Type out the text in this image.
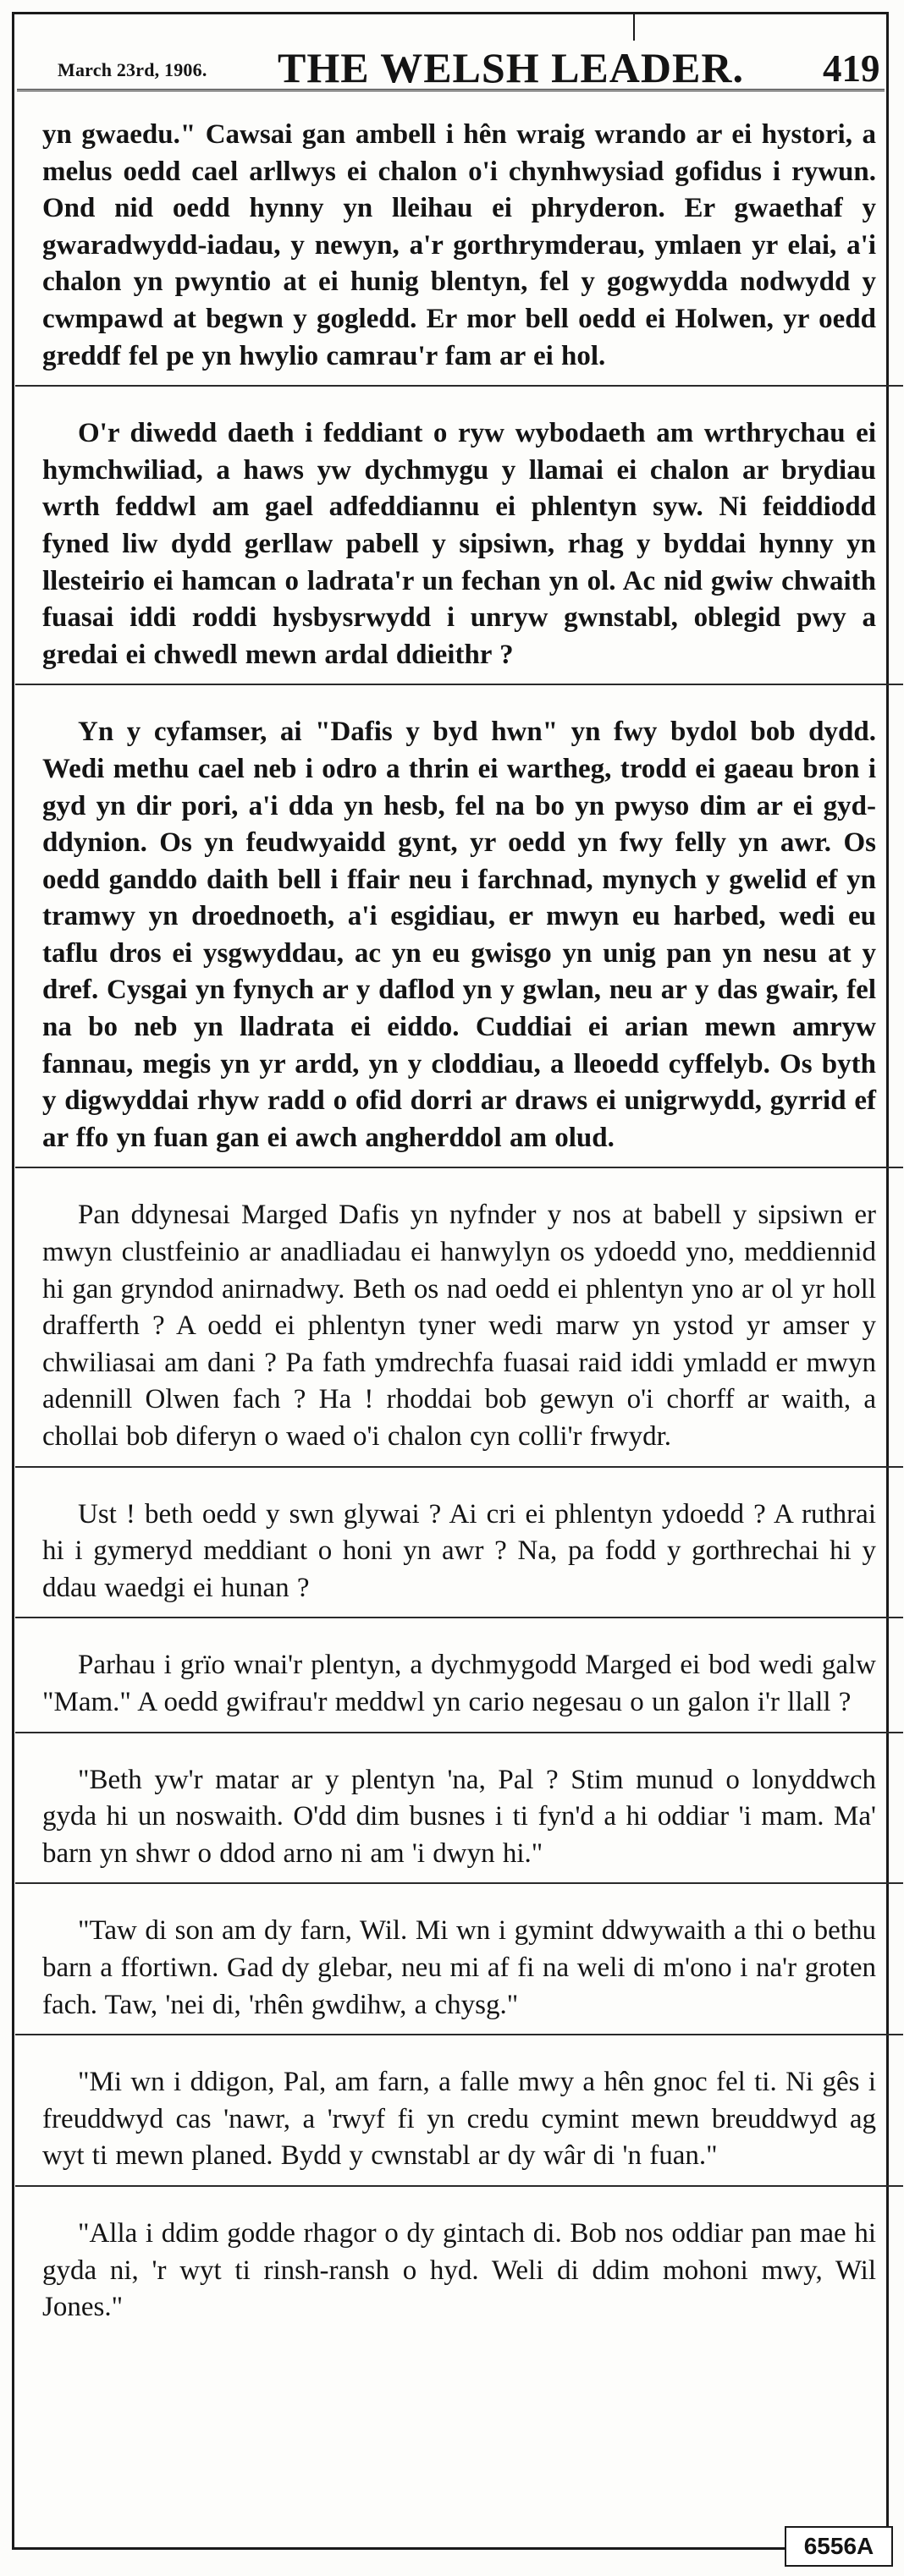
March 23rd, 1906. THE WELSH LEADER. 419

yn gwaedu." Cawsai gan ambell i hên wraig wrando ar ei hystori, a melus oedd cael arllwys ei chalon o'i chynhwysiad gofidus i rywun. Ond nid oedd hynny yn lleihau ei phryderon. Er gwaethaf y gwaradwydd-iadau, y newyn, a'r gorthrymderau, ymlaen yr elai, a'i chalon yn pwyntio at ei hunig blentyn, fel y gogwydda nodwydd y cwmpawd at begwn y gogledd. Er mor bell oedd ei Holwen, yr oedd greddf fel pe yn hwylio camrau'r fam ar ei hol.

O'r diwedd daeth i feddiant o ryw wybodaeth am wrthrychau ei hymchwiliad, a haws yw dychmygu y llamai ei chalon ar brydiau wrth feddwl am gael adfeddiannu ei phlentyn syw. Ni feiddiodd fyned liw dydd gerllaw pabell y sipsiwn, rhag y byddai hynny yn llesteirio ei hamcan o ladrata'r un fechan yn ol. Ac nid gwiw chwaith fuasai iddi roddi hysbysrwydd i unryw gwnstabl, oblegid pwy a gredai ei chwedl mewn ardal ddieithr ?

Yn y cyfamser, ai "Dafis y byd hwn" yn fwy bydol bob dydd. Wedi methu cael neb i odro a thrin ei wartheg, trodd ei gaeau bron i gyd yn dir pori, a'i dda yn hesb, fel na bo yn pwyso dim ar ei gyd-ddynion. Os yn feudwyaidd gynt, yr oedd yn fwy felly yn awr. Os oedd ganddo daith bell i ffair neu i farchnad, mynych y gwelid ef yn tramwy yn droednoeth, a'i esgidiau, er mwyn eu harbed, wedi eu taflu dros ei ysgwyddau, ac yn eu gwisgo yn unig pan yn nesu at y dref. Cysgai yn fynych ar y daflod yn y gwlan, neu ar y das gwair, fel na bo neb yn lladrata ei eiddo. Cuddiai ei arian mewn amryw fannau, megis yn yr ardd, yn y cloddiau, a lleoedd cyffelyb. Os byth y digwyddai rhyw radd o ofid dorri ar draws ei unigrwydd, gyrrid ef ar ffo yn fuan gan ei awch angherddol am olud.

Pan ddynesai Marged Dafis yn nyfnder y nos at babell y sipsiwn er mwyn clustfeinio ar anadliadau ei hanwylyn os ydoedd yno, meddiennid hi gan gryndod anirnadwy. Beth os nad oedd ei phlentyn yno ar ol yr holl drafferth ? A oedd ei phlentyn tyner wedi marw yn ystod yr amser y chwiliasai am dani ? Pa fath ymdrechfa fuasai raid iddi ymladd er mwyn adennill Olwen fach ? Ha ! rhoddai bob gewyn o'i chorff ar waith, a chollai bob diferyn o waed o'i chalon cyn colli'r frwydr.

Ust ! beth oedd y swn glywai ? Ai cri ei phlentyn ydoedd ? A ruthrai hi i gymeryd meddiant o honi yn awr ? Na, pa fodd y gorthrechai hi y ddau waedgi ei hunan ?

Parhau i grïo wnai'r plentyn, a dychmygodd Marged ei bod wedi galw "Mam." A oedd gwifrau'r meddwl yn cario negesau o un galon i'r llall ?

"Beth yw'r matar ar y plentyn 'na, Pal ? Stim munud o lonyddwch gyda hi un noswaith. O'dd dim busnes i ti fyn'd a hi oddiar 'i mam. Ma' barn yn shwr o ddod arno ni am 'i dwyn hi."

"Taw di son am dy farn, Wil. Mi wn i gymint ddwywaith a thi o bethu barn a ffortiwn. Gad dy glebar, neu mi af fi na weli di m'ono i na'r groten fach. Taw, 'nei di, 'rhên gwdihw, a chysg."

"Mi wn i ddigon, Pal, am farn, a falle mwy a hên gnoc fel ti. Ni gês i freuddwyd cas 'nawr, a 'rwyf fi yn credu cymint mewn breuddwyd ag wyt ti mewn planed. Bydd y cwnstabl ar dy wâr di 'n fuan."

"Alla i ddim godde rhagor o dy gintach di. Bob nos oddiar pan mae hi gyda ni, 'r wyt ti rinsh-ransh o hyd. Weli di ddim mohoni mwy, Wil Jones."

6556A
